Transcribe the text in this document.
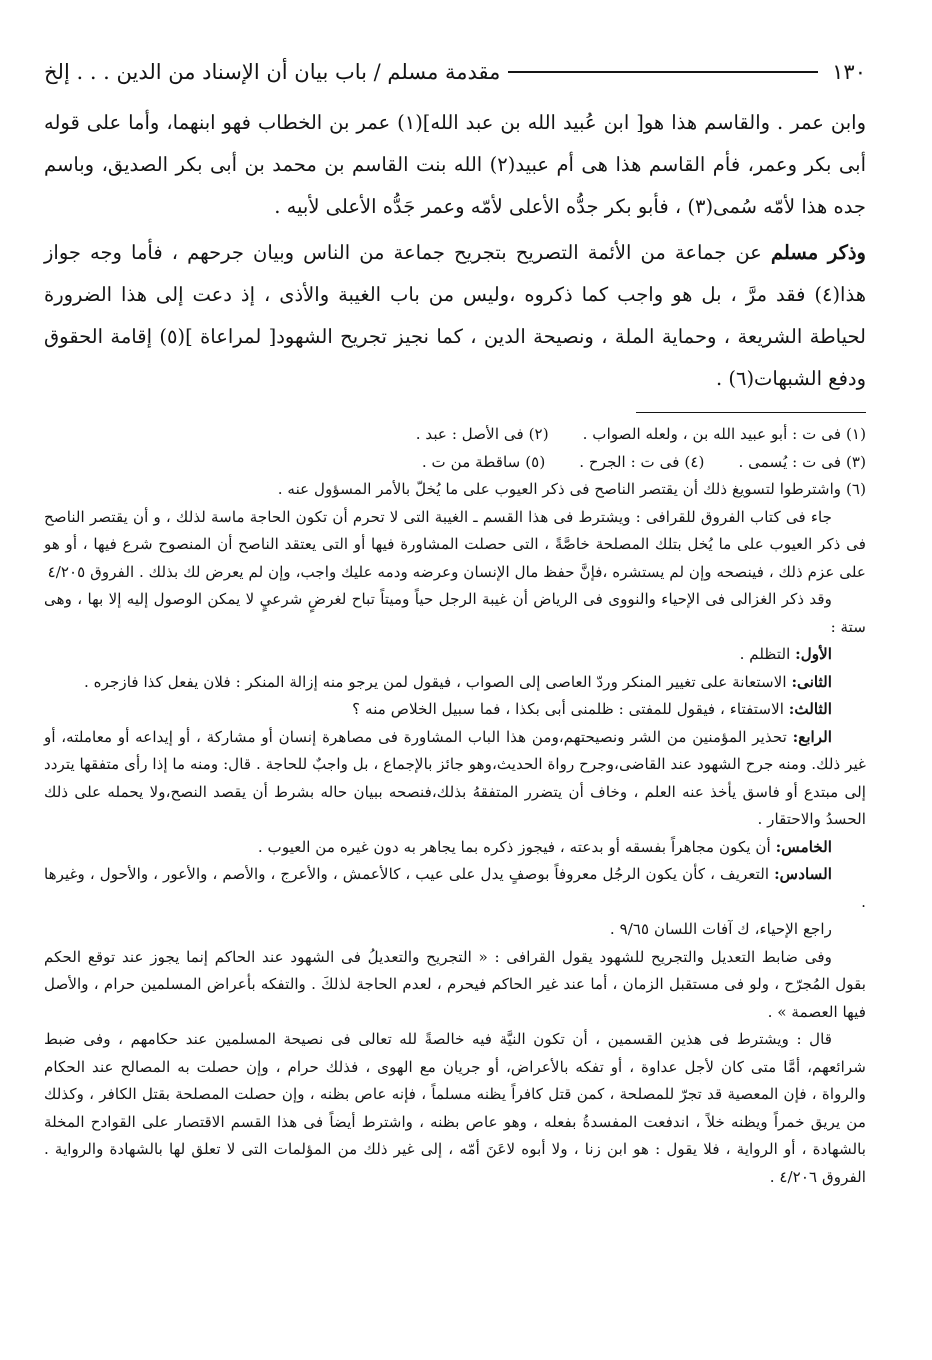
١٣٠
مقدمة مسلم / باب بيان أن الإسناد من الدين . . . إلخ

وابن عمر . والقاسم هذا هو[ ابن عُبيد الله بن عبد الله](١) عمر بن الخطاب فهو ابنهما، وأما على قوله أبى بكر وعمر، فأم القاسم هذا هى أم عبيد(٢) الله بنت القاسم بن محمد بن أبى بكر الصديق، وباسم جده هذا لأمّه سُمى(٣) ، فأبو بكر جدُّه الأعلى لأمّه وعمر جَدُّه الأعلى لأبيه .

وذكر مسلم عن جماعة من الأئمة التصريح بتجريح جماعة من الناس وبيان جرحهم ، فأما وجه جواز هذا(٤) فقد مرَّ ، بل هو واجب كما ذكروه ،وليس من باب الغيبة والأذى ، إذ دعت إلى هذا الضرورة لحياطة الشريعة ، وحماية الملة ، ونصيحة الدين ، كما نجيز تجريح الشهود[ لمراعاة ](٥) إقامة الحقوق ودفع الشبهات(٦) .

(١) فى ت : أبو عبيد الله بن ، ولعله الصواب .
(٢) فى الأصل : عبد .

(٣) فى ت : يُسمى .
(٤) فى ت : الجرح .
(٥) ساقطة من ت .

(٦) واشترطوا لتسويغ ذلك أن يقتصر الناصح فى ذكر العيوب على ما يُخلّ بالأمر المسؤول عنه .

جاء فى كتاب الفروق للقرافى : ويشترط فى هذا القسم ـ الغيبة التى لا تحرم أن تكون الحاجة ماسة لذلك ، و أن يقتصر الناصح فى ذكر العيوب على ما يُخل بتلك المصلحة خاصَّةً ، التى حصلت المشاورة فيها أو التى يعتقد الناصح أن المنصوح شرع فيها ، أو هو على عزم ذلك ، فينصحه وإن لم يستشره ،فإنَّ حفظ مال الإنسان وعرضه ودمه عليك واجب، وإن لم يعرض لك بذلك . الفروق ٤/٢٠٥

وقد ذكر الغزالى فى الإحياء والنووى فى الرياض أن غيبة الرجل حياً وميتاً تباح لغرضٍ شرعيٍ لا يمكن الوصول إليه إلا بها ، وهى ستة :

الأول: التظلم .

الثانى: الاستعانة على تغيير المنكر وردّ العاصى إلى الصواب ، فيقول لمن يرجو منه إزالة المنكر : فلان يفعل كذا فازجره .

الثالث: الاستفتاء ، فيقول للمفتى : ظلمنى أبى بكذا ، فما سبيل الخلاص منه ؟

الرابع: تحذير المؤمنين من الشر ونصيحتهم،ومن هذا الباب المشاورة فى مصاهرة إنسان أو مشاركة ، أو إيداعه أو معاملته، أو غير ذلك. ومنه جرح الشهود عند القاضى،وجرح رواة الحديث،وهو جائز بالإجماع ، بل واجبٌ للحاجة . قال: ومنه ما إذا رأى متفقها يتردد إلى مبتدع أو فاسق يأخذ عنه العلم ، وخاف أن يتضرر المتفقهُ بذلك،فنصحه ببيان حاله بشرط أن يقصد النصح،ولا يحمله على ذلك الحسدُ والاحتقار .

الخامس: أن يكون مجاهراً بفسقه أو بدعته ، فيجوز ذكره بما يجاهر به دون غيره من العيوب .

السادس: التعريف ، كأن يكون الرجُل معروفاً بوصفٍ يدل على عيب ، كالأعمش ، والأعرج ، والأصم ، والأعور ، والأحول ، وغيرها .

راجع الإحياء، ك آفات اللسان ٩/٦٥ .

وفى ضابط التعديل والتجريح للشهود يقول القرافى : « التجريح والتعديلُ فى الشهود عند الحاكم إنما يجوز عند توقع الحكم بقول المُجرّح ، ولو فى مستقبل الزمان ، أما عند غير الحاكم فيحرم ، لعدم الحاجة لذلكَ . والتفكه بأعراض المسلمين حرام ، والأصل فيها العصمة » .

قال : ويشترط فى هذين القسمين ، أن تكون النيَّة فيه خالصةً لله تعالى فى نصيحة المسلمين عند حكامهم ، وفى ضبط شرائعهم، أمَّا متى كان لأجل عداوة ، أو تفكه بالأعراض، أو جريان مع الهوى ، فذلك حرام ، وإن حصلت به المصالح عند الحكام والرواة ، فإن المعصية قد تجرّ للمصلحة ، كمن قتل كافراً يظنه مسلماً ، فإنه عاص بظنه ، وإن حصلت المصلحة بقتل الكافر ، وكذلك من يريق خمراً ويظنه خلاً ، اندفعت المفسدةُ بفعله ، وهو عاص بظنه ، واشترط أيضاً فى هذا القسم الاقتصار على القوادح المخلة بالشهادة ، أو الرواية ، فلا يقول : هو ابن زنا ، ولا أبوه لاعَنَ أمّه ، إلى غير ذلك من المؤلمات التى لا تعلق لها بالشهادة والرواية . الفروق ٤/٢٠٦ .
